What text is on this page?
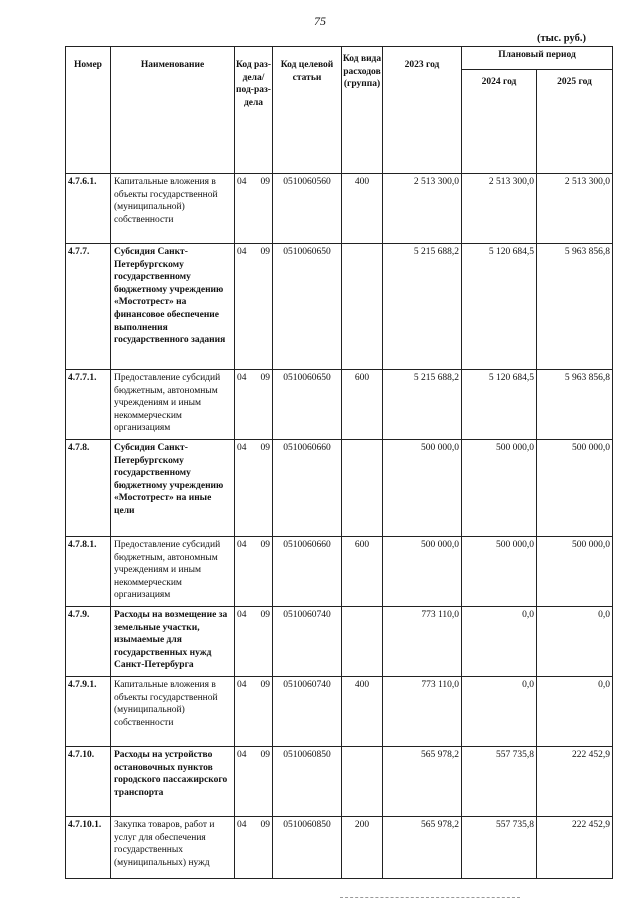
75
(тыс. руб.)
Номер	Наименование	Код раз-дела/ под-раз-дела	Код целевой статьи	Код вида расходов (группа)	2023 год	Плановый период	
						2024 год	2025 год
4.7.6.1.	Капитальные вложения в объекты государственной (муниципальной) собственности	04 09	0510060560	400	2 513 300,0	2 513 300,0	2 513 300,0
4.7.7.	Субсидия Санкт-Петербургскому государственному бюджетному учреждению «Мостотрест» на финансовое обеспечение выполнения государственного задания	04 09	0510060650		5 215 688,2	5 120 684,5	5 963 856,8
4.7.7.1.	Предоставление субсидий бюджетным, автономным учреждениям и иным некоммерческим организациям	04 09	0510060650	600	5 215 688,2	5 120 684,5	5 963 856,8
4.7.8.	Субсидия Санкт-Петербургскому государственному бюджетному учреждению «Мостотрест» на иные цели	04 09	0510060660		500 000,0	500 000,0	500 000,0
4.7.8.1.	Предоставление субсидий бюджетным, автономным учреждениям и иным некоммерческим организациям	04 09	0510060660	600	500 000,0	500 000,0	500 000,0
4.7.9.	Расходы на возмещение за земельные участки, изымаемые для государственных нужд Санкт-Петербурга	04 09	0510060740		773 110,0	0,0	0,0
4.7.9.1.	Капитальные вложения в объекты государственной (муниципальной) собственности	04 09	0510060740	400	773 110,0	0,0	0,0
4.7.10.	Расходы на устройство остановочных пунктов городского пассажирского транспорта	04 09	0510060850		565 978,2	557 735,8	222 452,9
4.7.10.1.	Закупка товаров, работ и услуг для обеспечения государственных (муниципальных) нужд	04 09	0510060850	200	565 978,2	557 735,8	222 452,9
